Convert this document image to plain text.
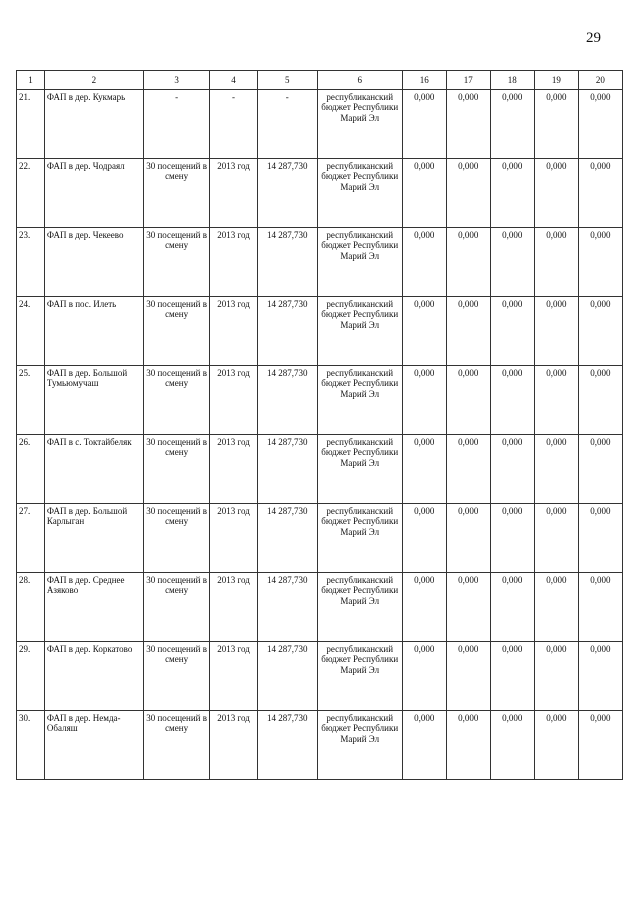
29
1	2	3	4	5	6	16	17	18	19	20
21.	ФАП в дер. Кукмарь	-	-	-	республиканский бюджет Республики Марий Эл	0,000	0,000	0,000	0,000	0,000
22.	ФАП в дер. Чодраял	30 посещений в смену	2013 год	14 287,730	республиканский бюджет Республики Марий Эл	0,000	0,000	0,000	0,000	0,000
23.	ФАП в дер. Чекеево	30 посещений в смену	2013 год	14 287,730	республиканский бюджет Республики Марий Эл	0,000	0,000	0,000	0,000	0,000
24.	ФАП в пос. Илеть	30 посещений в смену	2013 год	14 287,730	республиканский бюджет Республики Марий Эл	0,000	0,000	0,000	0,000	0,000
25.	ФАП в дер. Большой Тумьюмучаш	30 посещений в смену	2013 год	14 287,730	республиканский бюджет Республики Марий Эл	0,000	0,000	0,000	0,000	0,000
26.	ФАП в с. Токтайбеляк	30 посещений в смену	2013 год	14 287,730	республиканский бюджет Республики Марий Эл	0,000	0,000	0,000	0,000	0,000
27.	ФАП в дер. Большой Карлыган	30 посещений в смену	2013 год	14 287,730	республиканский бюджет Республики Марий Эл	0,000	0,000	0,000	0,000	0,000
28.	ФАП в дер. Среднее Азяково	30 посещений в смену	2013 год	14 287,730	республиканский бюджет Республики Марий Эл	0,000	0,000	0,000	0,000	0,000
29.	ФАП в дер. Коркатово	30 посещений в смену	2013 год	14 287,730	республиканский бюджет Республики Марий Эл	0,000	0,000	0,000	0,000	0,000
30.	ФАП в дер. Немда-Обаляш	30 посещений в смену	2013 год	14 287,730	республиканский бюджет Республики Марий Эл	0,000	0,000	0,000	0,000	0,000
